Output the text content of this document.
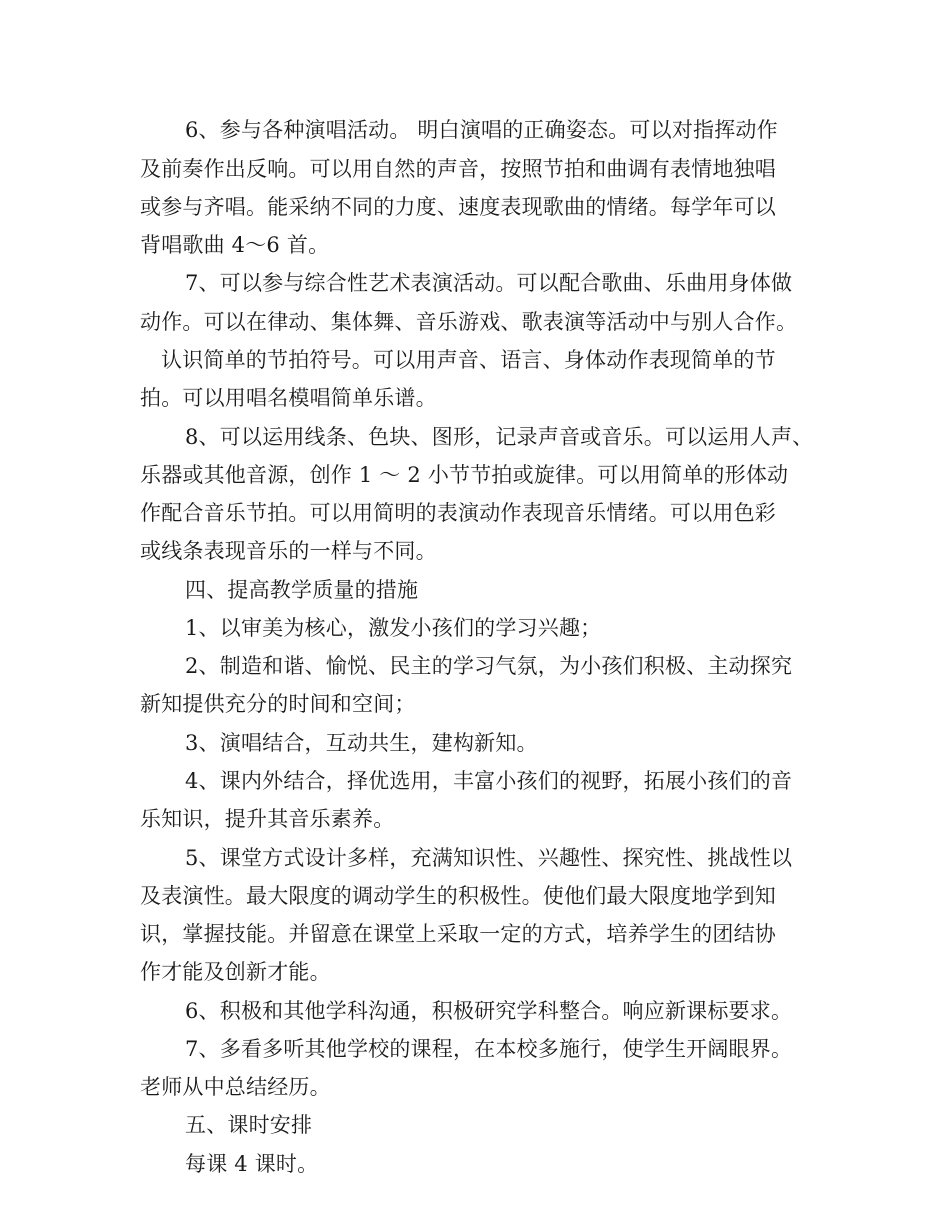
6、参与各种演唱活动。 明白演唱的正确姿态。可以对指挥动作
及前奏作出反响。可以用自然的声音，按照节拍和曲调有表情地独唱
或参与齐唱。能采纳不同的力度、速度表现歌曲的情绪。每学年可以
背唱歌曲 4～6 首。
7、可以参与综合性艺术表演活动。可以配合歌曲、乐曲用身体做
动作。可以在律动、集体舞、音乐游戏、歌表演等活动中与别人合作。
认识简单的节拍符号。可以用声音、语言、身体动作表现简单的节
拍。可以用唱名模唱简单乐谱。
8、可以运用线条、色块、图形，记录声音或音乐。可以运用人声、
乐器或其他音源，创作 1 ～ 2 小节节拍或旋律。可以用简单的形体动
作配合音乐节拍。可以用简明的表演动作表现音乐情绪。可以用色彩
或线条表现音乐的一样与不同。
四、提高教学质量的措施
1、以审美为核心，激发小孩们的学习兴趣；
2、制造和谐、愉悦、民主的学习气氛，为小孩们积极、主动探究
新知提供充分的时间和空间；
3、演唱结合，互动共生，建构新知。
4、课内外结合，择优选用，丰富小孩们的视野，拓展小孩们的音
乐知识，提升其音乐素养。
5、课堂方式设计多样，充满知识性、兴趣性、探究性、挑战性以
及表演性。最大限度的调动学生的积极性。使他们最大限度地学到知
识，掌握技能。并留意在课堂上采取一定的方式，培养学生的团结协
作才能及创新才能。
6、积极和其他学科沟通，积极研究学科整合。响应新课标要求。
7、多看多听其他学校的课程，在本校多施行，使学生开阔眼界。
老师从中总结经历。
五、课时安排
每课 4 课时。
